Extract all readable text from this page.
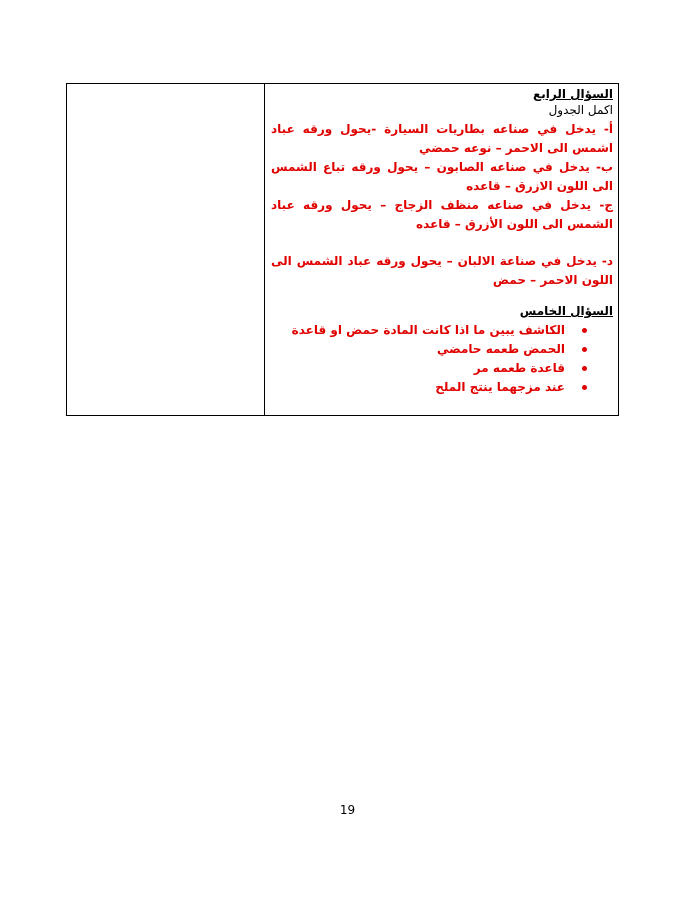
السؤال الرابع

اكمل الجدول

أ- يدخل في صناعه بطاريات السيارة -يحول ورقه عباد اشمس الى الاحمر – نوعه حمضي

ب- يدخل في صناعه الصابون – يحول ورقه تباع الشمس الى اللون الازرق – قاعده

ج- يدخل في صناعه منظف الزجاج – يحول ورقه عباد الشمس الى اللون الأزرق – قاعده

د- يدخل في صناعة الالبان – يحول ورقه عباد الشمس الى اللون الاحمر – حمض

السؤال الخامس

الكاشف يبين ما اذا كانت المادة حمض او قاعدة
الحمض طعمه حامضي
قاعدة طعمه مر
عند مزجهما ينتج الملح
19
